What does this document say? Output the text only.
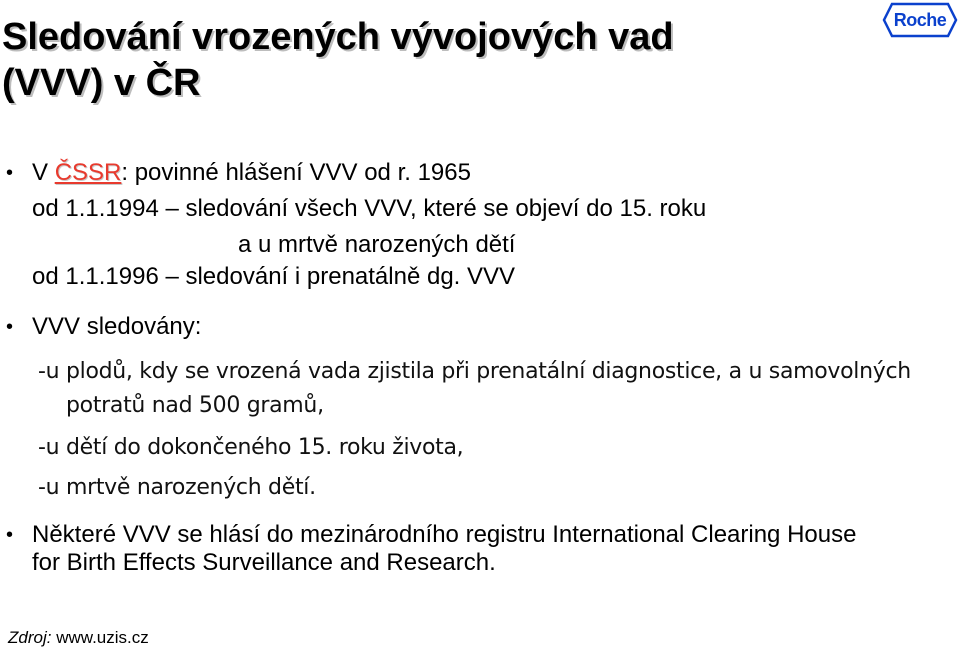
Sledování vrozených vývojových vad
(VVV) v ČR
Roche
• V ČSSR: povinné hlášení VVV od r. 1965
od 1.1.1994 – sledování všech VVV, které se objeví do 15. roku
a u mrtvě narozených dětí
od 1.1.1996 – sledování i prenatálně dg. VVV
• VVV sledovány:
-u plodů, kdy se vrozená vada zjistila při prenatální diagnostice, a u samovolných
potratů nad 500 gramů,
-u dětí do dokončeného 15. roku života,
-u mrtvě narozených dětí.
• Některé VVV se hlásí do mezinárodního registru International Clearing House
for Birth Effects Surveillance and Research.
Zdroj: www.uzis.cz
